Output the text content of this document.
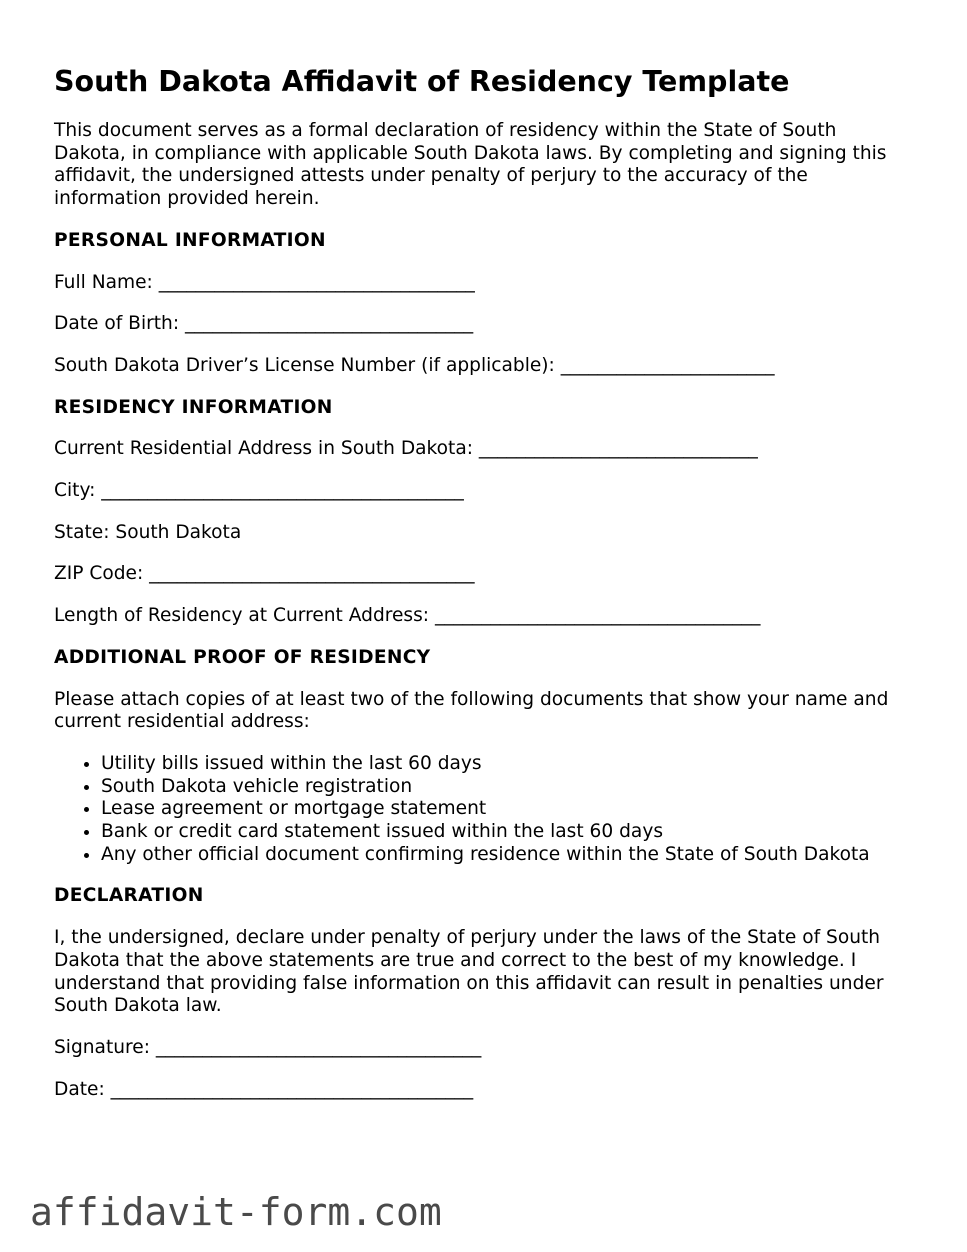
South Dakota Affidavit of Residency Template

This document serves as a formal declaration of residency within the State of South Dakota, in compliance with applicable South Dakota laws. By completing and signing this affidavit, the undersigned attests under penalty of perjury to the accuracy of the information provided herein.

PERSONAL INFORMATION
Full Name: __________________________________
Date of Birth: _______________________________
South Dakota Driver’s License Number (if applicable): _______________________
RESIDENCY INFORMATION
Current Residential Address in South Dakota: ______________________________
City: _______________________________________
State: South Dakota
ZIP Code: ___________________________________
Length of Residency at Current Address: ___________________________________
ADDITIONAL PROOF OF RESIDENCY

Please attach copies of at least two of the following documents that show your name and current residential address:

• Utility bills issued within the last 60 days
• South Dakota vehicle registration
• Lease agreement or mortgage statement
• Bank or credit card statement issued within the last 60 days
• Any other official document confirming residence within the State of South Dakota
DECLARATION

I, the undersigned, declare under penalty of perjury under the laws of the State of South Dakota that the above statements are true and correct to the best of my knowledge. I understand that providing false information on this affidavit can result in penalties under South Dakota law.

Signature: ___________________________________
Date: _______________________________________
affidavit-form.com
